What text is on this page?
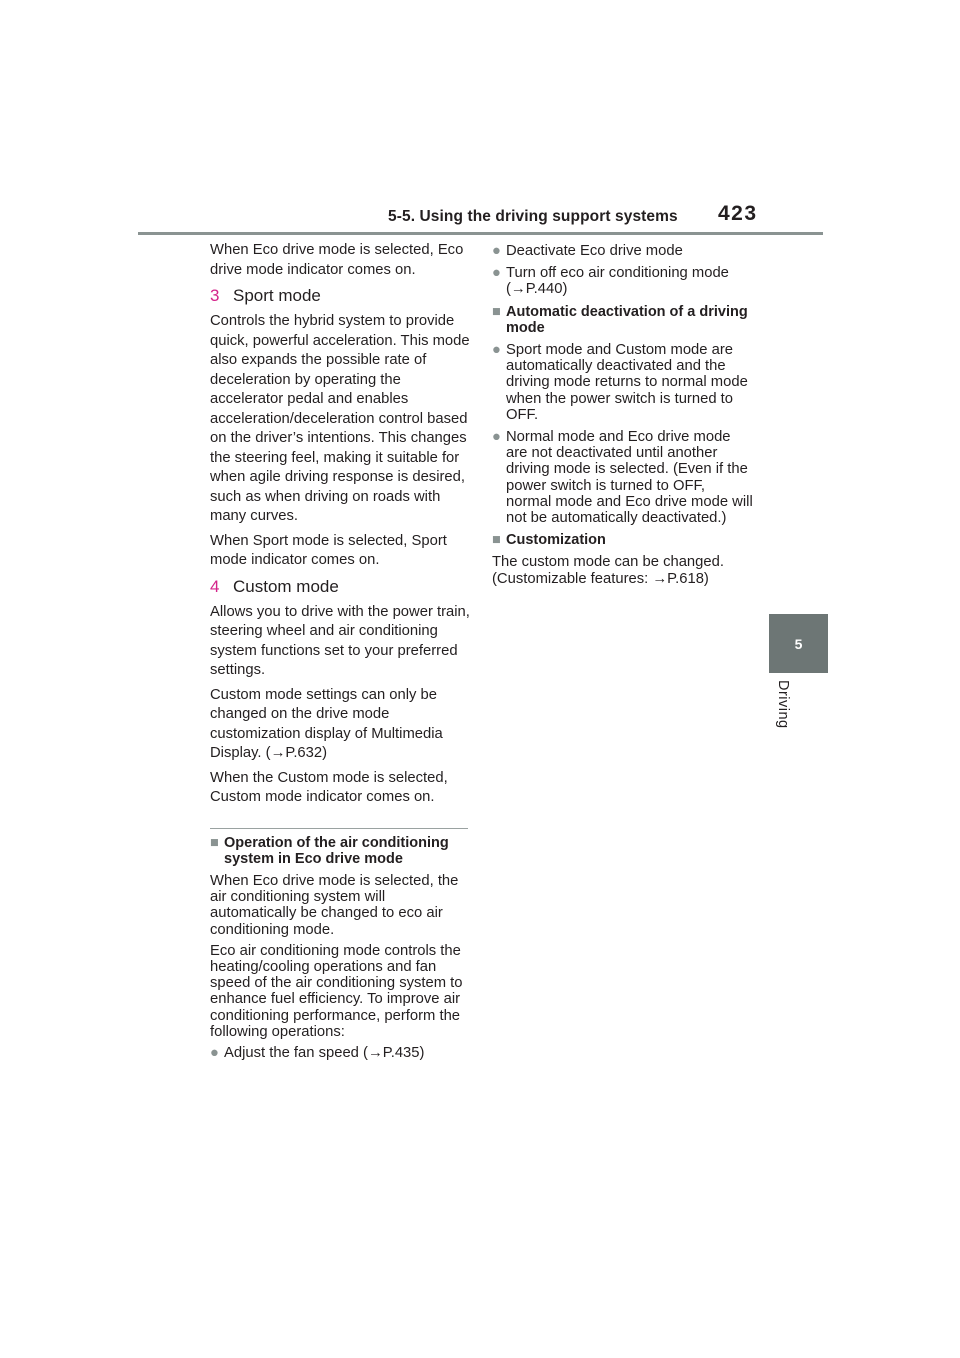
5-5. Using the driving support systems 423
5
Driving

When Eco drive mode is selected, Eco drive mode indicator comes on.

3 Sport mode

Controls the hybrid system to provide quick, powerful acceleration. This mode also expands the possible rate of deceleration by operating the accelerator pedal and enables acceleration/deceleration control based on the driver’s intentions. This changes the steering feel, making it suitable for when agile driving response is desired, such as when driving on roads with many curves.

When Sport mode is selected, Sport mode indicator comes on.

4 Custom mode

Allows you to drive with the power train, steering wheel and air conditioning system functions set to your preferred settings.

Custom mode settings can only be changed on the drive mode customization display of Multimedia Display. (→P.632)

When the Custom mode is selected, Custom mode indicator comes on.

■ Operation of the air conditioning system in Eco drive mode

When Eco drive mode is selected, the air conditioning system will automatically be changed to eco air conditioning mode.

Eco air conditioning mode controls the heating/cooling operations and fan speed of the air conditioning system to enhance fuel efficiency. To improve air conditioning performance, perform the following operations:

● Adjust the fan speed (→P.435)
● Deactivate Eco drive mode
● Turn off eco air conditioning mode (→P.440)
■ Automatic deactivation of a driving mode
● Sport mode and Custom mode are automatically deactivated and the driving mode returns to normal mode when the power switch is turned to OFF.
● Normal mode and Eco drive mode are not deactivated until another driving mode is selected. (Even if the power switch is turned to OFF, normal mode and Eco drive mode will not be automatically deactivated.)
■ Customization

The custom mode can be changed. (Customizable features: →P.618)
